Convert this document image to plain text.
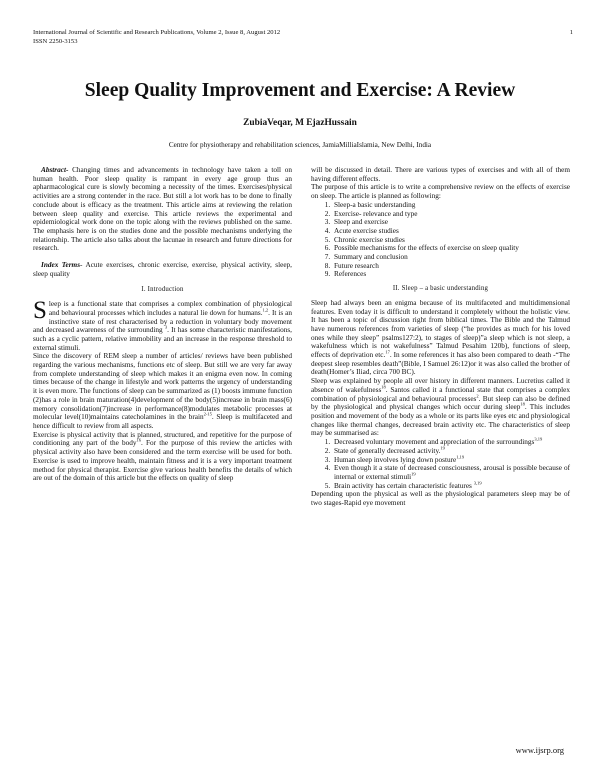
International Journal of Scientific and Research Publications, Volume 2, Issue 8, August 2012
ISSN 2250-3153
1
Sleep Quality Improvement and Exercise: A Review
ZubiaVeqar, M EjazHussain
Centre for physiotherapy and rehabilitation sciences, JamiaMilliaIslamia, New Delhi, India

Abstract- Changing times and advancements in technology have taken a toll on human health. Poor sleep quality is rampant in every age group thus an apharmacological cure is slowly becoming a necessity of the times. Exercises/physical activities are a strong contender in the race. But still a lot work has to be done to finally conclude about is efficacy as the treatment. This article aims at reviewing the relation between sleep quality and exercise. This article reviews the experimental and epidemiological work done on the topic along with the reviews published on the same. The emphasis here is on the studies done and the possible mechanisms underlying the relationship. The article also talks about the lacunae in research and future directions for research.

Index Terms- Acute exercises, chronic exercise, exercise, physical activity, sleep, sleep quality

I. Introduction

Sleep is a functional state that comprises a complex combination of physiological and behavioural processes which includes a natural lie down for humans.$^{1,2}$. It is an instinctive state of rest characterised by a reduction in voluntary body movement and decreased awareness of the surrounding $^3$. It has some characteristic manifestations, such as a cyclic pattern, relative immobility and an increase in the response threshold to external stimuli.

Since the discovery of REM sleep a number of articles/ reviews have been published regarding the various mechanisms, functions etc of sleep. But still we are very far away from complete understanding of sleep which makes it an enigma even now. In coming times because of the change in lifestyle and work patterns the urgency of understanding it is even more. The functions of sleep can be summarized as (1) boosts immune function (2)has a role in brain maturation(4)development of the body(5)increase in brain mass(6) memory consolidation(7)increase in performance(8)modulates metabolic processes at molecular level(10)maintains catecholamines in the brain$^{2-15}$. Sleep is multifaceted and hence difficult to review from all aspects.

Exercise is physical activity that is planned, structured, and repetitive for the purpose of conditioning any part of the body$^{16}$. For the purpose of this review the articles with physical activity also have been considered and the term exercise will be used for both. Exercise is used to improve health, maintain fitness and it is a very important treatment method for physical therapist. Exercise give various health benefits the details of which are out of the domain of this article but the effects on quality of sleep

will be discussed in detail. There are various types of exercises and with all of them having different effects.

The purpose of this article is to write a comprehensive review on the effects of exercise on sleep. The article is planned as following:

1. Sleep-a basic understanding
2. Exercise- relevance and type
3. Sleep and exercise
4. Acute exercise studies
5. Chronic exercise studies
6. Possible mechanisms for the effects of exercise on sleep quality
7. Summary and conclusion
8. Future research
9. References
II. Sleep – a basic understanding

Sleep had always been an enigma because of its multifaceted and multidimensional features. Even today it is difficult to understand it completely without the holistic view. It has been a topic of discussion right from biblical times. The Bible and the Talmud have numerous references from varieties of sleep (“he provides as much for his loved ones while they sleep” psalms127:2), to stages of sleep)”a sleep which is not sleep, a wakefulness which is not wakefulness” Talmud Pesahim 120b), functions of sleep, effects of deprivation etc.$^{17}$. In some references it has also been compared to death -“The deepest sleep resembles death”(Bible, I Samuel 26:12)or it was also called the brother of death(Homer’s Iliad, circa 700 BC).

Sleep was explained by people all over history in different manners. Lucretius called it absence of wakefulness$^{18}$. Santos called it a functional state that comprises a complex combination of physiological and behavioural processes$^2$. But sleep can also be defined by the physiological and physical changes which occur during sleep$^{18}$. This includes position and movement of the body as a whole or its parts like eyes etc and physiological changes like thermal changes, decreased brain activity etc. The characteristics of sleep may be summarised as:

1. Decreased voluntary movement and appreciation of the surroundings$^{3,19}$
2. State of generally decreased activity.$^{19}$
3. Human sleep involves lying down posture$^{1,19}$
4. Even though it a state of decreased consciousness, arousal is possible because of internal or external stimuli$^{19}$
5. Brain activity has certain characteristic features $^{3,19}$

Depending upon the physical as well as the physiological parameters sleep may be of two stages-Rapid eye movement

www.ijsrp.org
